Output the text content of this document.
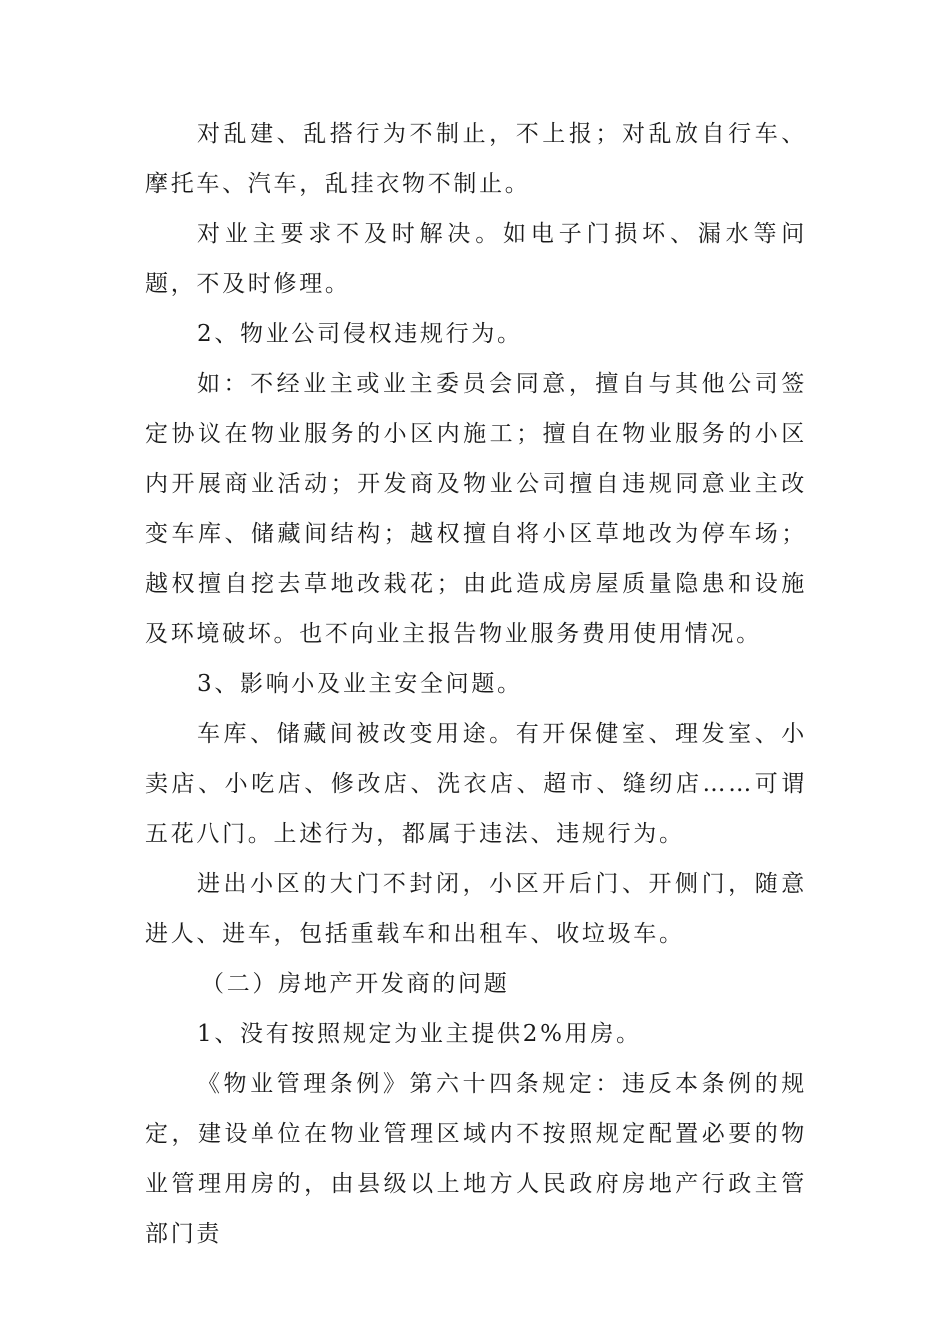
对乱建、乱搭行为不制止，不上报；对乱放自行车、摩托车、汽车，乱挂衣物不制止。

对业主要求不及时解决。如电子门损坏、漏水等问题，不及时修理。

2、物业公司侵权违规行为。

如：不经业主或业主委员会同意，擅自与其他公司签定协议在物业服务的小区内施工；擅自在物业服务的小区内开展商业活动；开发商及物业公司擅自违规同意业主改变车库、储藏间结构；越权擅自将小区草地改为停车场；越权擅自挖去草地改栽花；由此造成房屋质量隐患和设施及环境破坏。也不向业主报告物业服务费用使用情况。

3、影响小及业主安全问题。

车库、储藏间被改变用途。有开保健室、理发室、小卖店、小吃店、修改店、洗衣店、超市、缝纫店……可谓五花八门。上述行为，都属于违法、违规行为。

进出小区的大门不封闭，小区开后门、开侧门，随意进人、进车，包括重载车和出租车、收垃圾车。

（二）房地产开发商的问题

1、没有按照规定为业主提供2%用房。

《物业管理条例》第六十四条规定：违反本条例的规定，建设单位在物业管理区域内不按照规定配置必要的物业管理用房的，由县级以上地方人民政府房地产行政主管部门责
